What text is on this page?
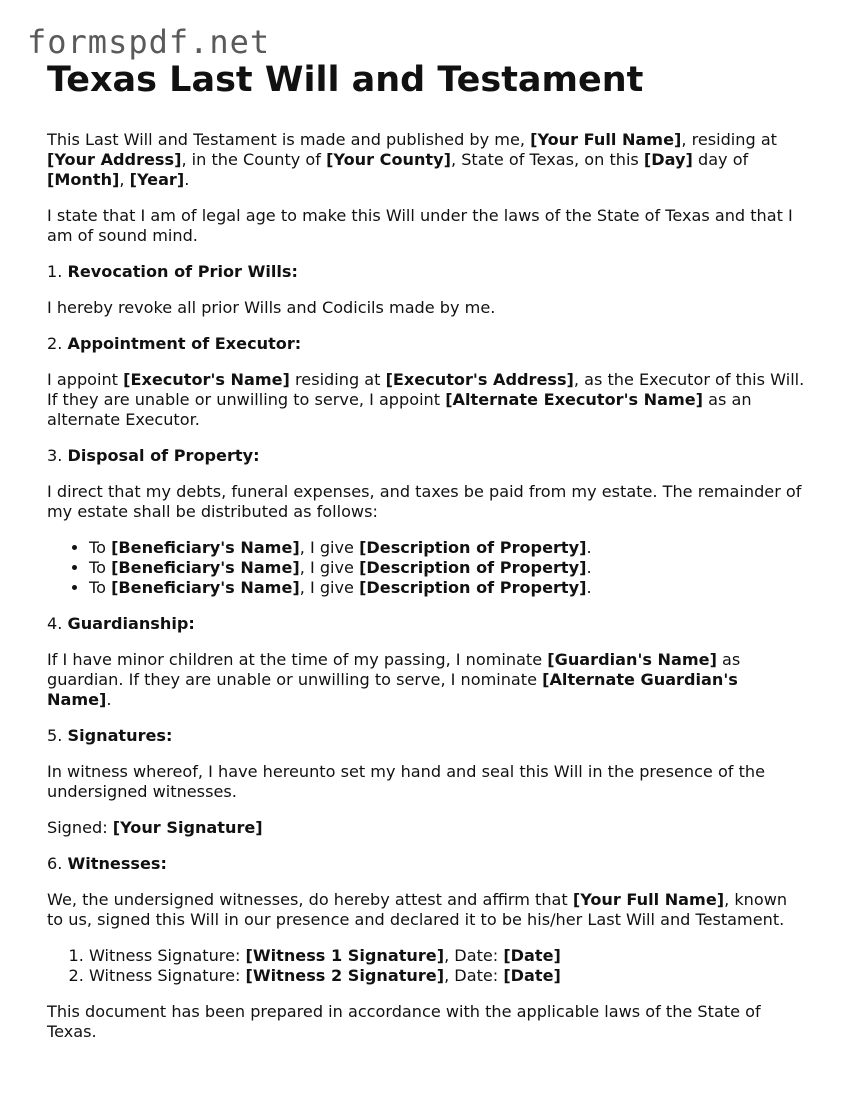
formspdf.net
Texas Last Will and Testament

This Last Will and Testament is made and published by me, [Your Full Name], residing at [Your Address], in the County of [Your County], State of Texas, on this [Day] day of [Month], [Year].

I state that I am of legal age to make this Will under the laws of the State of Texas and that I am of sound mind.

1. Revocation of Prior Wills:

I hereby revoke all prior Wills and Codicils made by me.

2. Appointment of Executor:

I appoint [Executor's Name] residing at [Executor's Address], as the Executor of this Will. If they are unable or unwilling to serve, I appoint [Alternate Executor's Name] as an alternate Executor.

3. Disposal of Property:

I direct that my debts, funeral expenses, and taxes be paid from my estate. The remainder of my estate shall be distributed as follows:

• To [Beneficiary's Name], I give [Description of Property].
• To [Beneficiary's Name], I give [Description of Property].
• To [Beneficiary's Name], I give [Description of Property].

4. Guardianship:

If I have minor children at the time of my passing, I nominate [Guardian's Name] as guardian. If they are unable or unwilling to serve, I nominate [Alternate Guardian's Name].

5. Signatures:

In witness whereof, I have hereunto set my hand and seal this Will in the presence of the undersigned witnesses.

Signed: [Your Signature]

6. Witnesses:

We, the undersigned witnesses, do hereby attest and affirm that [Your Full Name], known to us, signed this Will in our presence and declared it to be his/her Last Will and Testament.

1. Witness Signature: [Witness 1 Signature], Date: [Date]
2. Witness Signature: [Witness 2 Signature], Date: [Date]

This document has been prepared in accordance with the applicable laws of the State of Texas.
